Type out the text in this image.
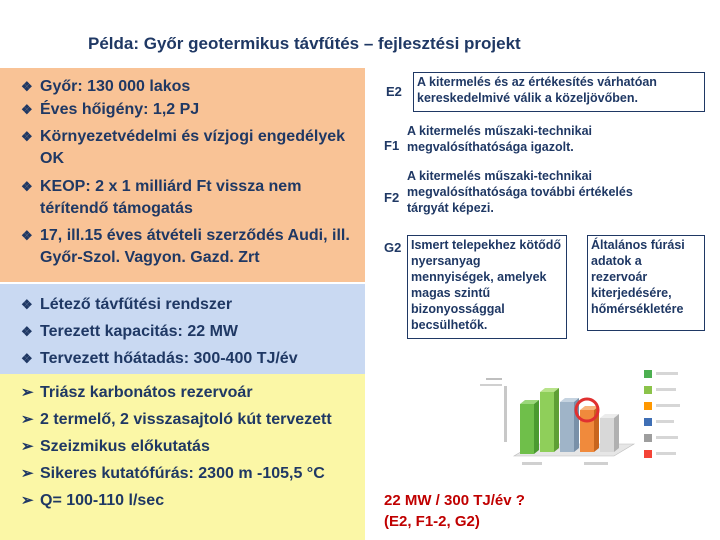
Példa: Győr geotermikus távfűtés – fejlesztési projekt
❖ Győr: 130 000 lakos
❖ Éves hőigény: 1,2 PJ
❖ Környezetvédelmi és vízjogi engedélyek OK
❖ KEOP: 2 x 1 milliárd Ft vissza nem térítendő támogatás
❖ 17, ill.15 éves átvételi szerződés Audi, ill. Győr-Szol. Vagyon. Gazd. Zrt
❖ Létező távfűtési rendszer
❖ Terezett kapacitás: 22 MW
❖ Tervezett hőátadás: 300-400 TJ/év
➢ Triász karbonátos rezervoár
➢ 2 termelő, 2 visszasajtoló kút tervezett
➢ Szeizmikus előkutatás
➢ Sikeres kutatófúrás: 2300 m -105,5 °C
➢ Q= 100-110 l/sec
E2
A kitermelés és az értékesítés várhatóan kereskedelmivé válik a közeljövőben.
F1
A kitermelés műszaki-technikai megvalósíthatósága igazolt.
F2
A kitermelés műszaki-technikai megvalósíthatósága további értékelés tárgyát képezi.
G2 Ismert telepekhez kötődő nyersanyag mennyiségek, amelyek magas szintű bizonyossággal becsülhetők.
Általános fúrási adatok a rezervoár kiterjedésére, hőmérsékletére
22 MW / 300 TJ/év ?
(E2, F1-2, G2)
